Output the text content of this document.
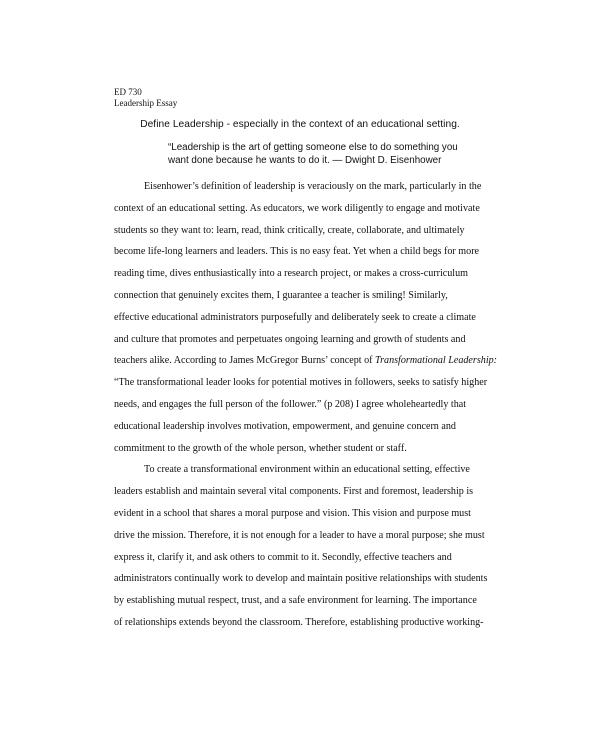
ED 730
Leadership Essay
Define Leadership - especially in the context of an educational setting.
“Leadership is the art of getting someone else to do something you
want done because he wants to do it. — Dwight D. Eisenhower
Eisenhower’s definition of leadership is veraciously on the mark, particularly in the
context of an educational setting. As educators, we work diligently to engage and motivate
students so they want to: learn, read, think critically, create, collaborate, and ultimately
become life-long learners and leaders. This is no easy feat. Yet when a child begs for more
reading time, dives enthusiastically into a research project, or makes a cross-curriculum
connection that genuinely excites them, I guarantee a teacher is smiling! Similarly,
effective educational administrators purposefully and deliberately seek to create a climate
and culture that promotes and perpetuates ongoing learning and growth of students and
teachers alike. According to James McGregor Burns’ concept of Transformational Leadership:
“The transformational leader looks for potential motives in followers, seeks to satisfy higher
needs, and engages the full person of the follower.” (p 208) I agree wholeheartedly that
educational leadership involves motivation, empowerment, and genuine concern and
commitment to the growth of the whole person, whether student or staff.
To create a transformational environment within an educational setting, effective
leaders establish and maintain several vital components. First and foremost, leadership is
evident in a school that shares a moral purpose and vision. This vision and purpose must
drive the mission. Therefore, it is not enough for a leader to have a moral purpose; she must
express it, clarify it, and ask others to commit to it. Secondly, effective teachers and
administrators continually work to develop and maintain positive relationships with students
by establishing mutual respect, trust, and a safe environment for learning. The importance
of relationships extends beyond the classroom. Therefore, establishing productive working-
